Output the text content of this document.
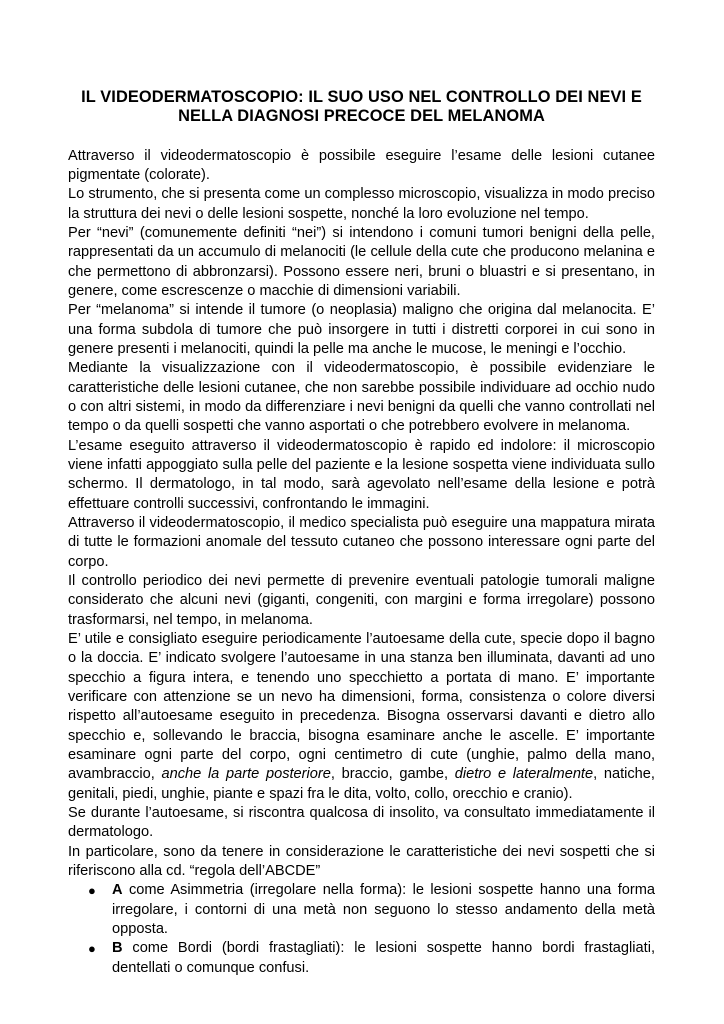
IL VIDEODERMATOSCOPIO: IL SUO USO NEL CONTROLLO DEI NEVI E NELLA DIAGNOSI PRECOCE DEL MELANOMA

Attraverso il videodermatoscopio è possibile eseguire l’esame delle lesioni cutanee pigmentate (colorate).

Lo strumento, che si presenta come un complesso microscopio, visualizza in modo preciso la struttura dei nevi o delle lesioni sospette, nonché la loro evoluzione nel tempo.

Per “nevi” (comunemente definiti “nei”) si intendono i comuni tumori benigni della pelle, rappresentati da un accumulo di melanociti (le cellule della cute che producono melanina e che permettono di abbronzarsi). Possono essere neri, bruni o bluastri e si presentano, in genere, come escrescenze o macchie di dimensioni variabili.

Per “melanoma” si intende il tumore (o neoplasia) maligno che origina dal melanocita. E’ una forma subdola di tumore che può insorgere in tutti i distretti corporei in cui sono in genere presenti i melanociti, quindi la pelle ma anche le mucose, le meningi e l’occhio.

Mediante la visualizzazione con il videodermatoscopio, è possibile evidenziare le caratteristiche delle lesioni cutanee, che non sarebbe possibile individuare ad occhio nudo o con altri sistemi, in modo da differenziare i nevi benigni da quelli che vanno controllati nel tempo o da quelli sospetti che vanno asportati o che potrebbero evolvere in melanoma.

L’esame eseguito attraverso il videodermatoscopio è rapido ed indolore: il microscopio viene infatti appoggiato sulla pelle del paziente e la lesione sospetta viene individuata sullo schermo. Il dermatologo, in tal modo, sarà agevolato nell’esame della lesione e potrà effettuare controlli successivi, confrontando le immagini.

Attraverso il videodermatoscopio, il medico specialista può eseguire una mappatura mirata di tutte le formazioni anomale del tessuto cutaneo che possono interessare ogni parte del corpo.

Il controllo periodico dei nevi permette di prevenire eventuali patologie tumorali maligne considerato che alcuni nevi (giganti, congeniti, con margini e forma irregolare) possono trasformarsi, nel tempo, in melanoma.

E’ utile e consigliato eseguire periodicamente l’autoesame della cute, specie dopo il bagno o la doccia. E’ indicato svolgere l’autoesame in una stanza ben illuminata, davanti ad uno specchio a figura intera, e tenendo uno specchietto a portata di mano. E’ importante verificare con attenzione se un nevo ha dimensioni, forma, consistenza o colore diversi rispetto all’autoesame eseguito in precedenza. Bisogna osservarsi davanti e dietro allo specchio e, sollevando le braccia, bisogna esaminare anche le ascelle. E’ importante esaminare ogni parte del corpo, ogni centimetro di cute (unghie, palmo della mano, avambraccio, anche la parte posteriore, braccio, gambe, dietro e lateralmente, natiche, genitali, piedi, unghie, piante e spazi fra le dita, volto, collo, orecchio e cranio).

Se durante l’autoesame, si riscontra qualcosa di insolito, va consultato immediatamente il dermatologo.

In particolare, sono da tenere in considerazione le caratteristiche dei nevi sospetti che si riferiscono alla cd. “regola dell’ABCDE”

● A come Asimmetria (irregolare nella forma): le lesioni sospette hanno una forma irregolare, i contorni di una metà non seguono lo stesso andamento della metà opposta.
● B come Bordi (bordi frastagliati): le lesioni sospette hanno bordi frastagliati, dentellati o comunque confusi.
